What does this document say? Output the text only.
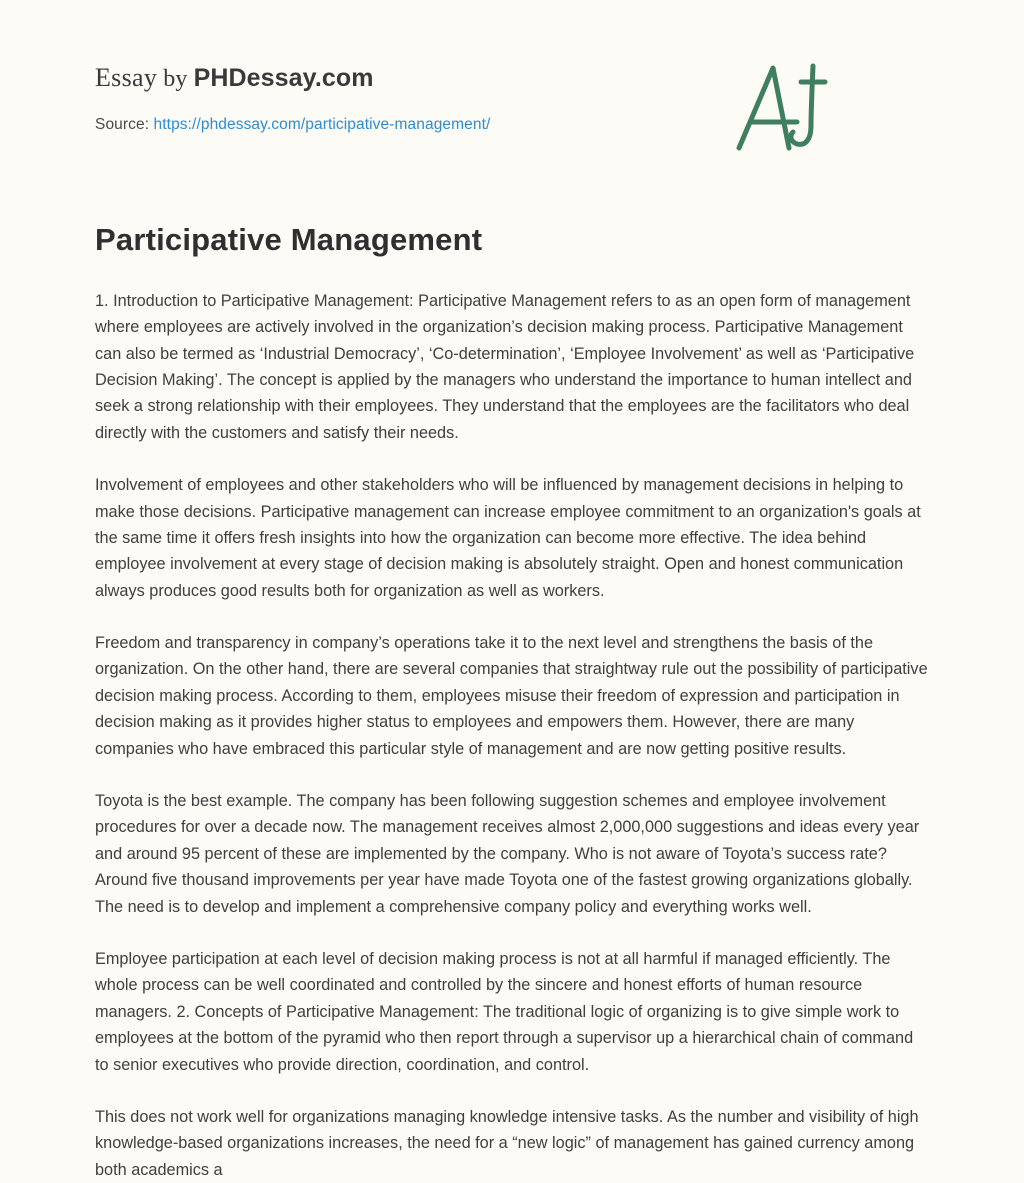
Essay by PHDessay.com
Source: https://phdessay.com/participative-management/
Participative Management

1. Introduction to Participative Management: Participative Management refers to as an open form of management where employees are actively involved in the organization’s decision making process. Participative Management can also be termed as ‘Industrial Democracy’, ‘Co-determination’, ‘Employee Involvement’ as well as ‘Participative Decision Making’. The concept is applied by the managers who understand the importance to human intellect and seek a strong relationship with their employees. They understand that the employees are the facilitators who deal directly with the customers and satisfy their needs.

Involvement of employees and other stakeholders who will be influenced by management decisions in helping to make those decisions. Participative management can increase employee commitment to an organization's goals at the same time it offers fresh insights into how the organization can become more effective. The idea behind employee involvement at every stage of decision making is absolutely straight. Open and honest communication always produces good results both for organization as well as workers.

Freedom and transparency in company’s operations take it to the next level and strengthens the basis of the organization. On the other hand, there are several companies that straightway rule out the possibility of participative decision making process. According to them, employees misuse their freedom of expression and participation in decision making as it provides higher status to employees and empowers them. However, there are many companies who have embraced this particular style of management and are now getting positive results.

Toyota is the best example. The company has been following suggestion schemes and employee involvement procedures for over a decade now. The management receives almost 2,000,000 suggestions and ideas every year and around 95 percent of these are implemented by the company. Who is not aware of Toyota’s success rate? Around five thousand improvements per year have made Toyota one of the fastest growing organizations globally. The need is to develop and implement a comprehensive company policy and everything works well.

Employee participation at each level of decision making process is not at all harmful if managed efficiently. The whole process can be well coordinated and controlled by the sincere and honest efforts of human resource managers. 2. Concepts of Participative Management: The traditional logic of organizing is to give simple work to employees at the bottom of the pyramid who then report through a supervisor up a hierarchical chain of command to senior executives who provide direction, coordination, and control.

This does not work well for organizations managing knowledge intensive tasks. As the number and visibility of high knowledge-based organizations increases, the need for a “new logic” of management has gained currency among both academics a
